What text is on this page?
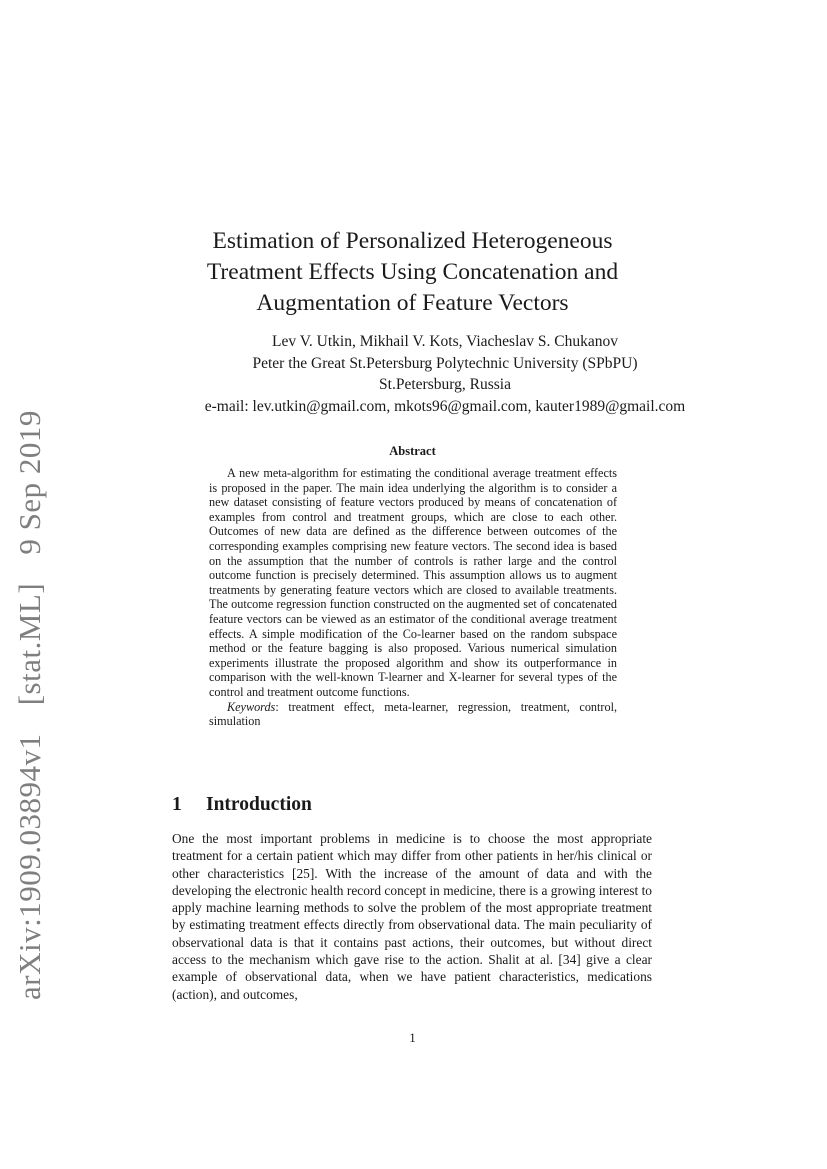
arXiv:1909.03894v1 [stat.ML] 9 Sep 2019
Estimation of Personalized Heterogeneous
Treatment Effects Using Concatenation and
Augmentation of Feature Vectors
Lev V. Utkin, Mikhail V. Kots, Viacheslav S. Chukanov
Peter the Great St.Petersburg Polytechnic University (SPbPU)
St.Petersburg, Russia
e-mail: lev.utkin@gmail.com, mkots96@gmail.com, kauter1989@gmail.com
Abstract

A new meta-algorithm for estimating the conditional average treatment effects is proposed in the paper. The main idea underlying the algorithm is to consider a new dataset consisting of feature vectors produced by means of concatenation of examples from control and treatment groups, which are close to each other. Outcomes of new data are defined as the difference between outcomes of the corresponding examples comprising new feature vectors. The second idea is based on the assumption that the number of controls is rather large and the control outcome function is precisely determined. This assumption allows us to augment treatments by generating feature vectors which are closed to available treatments. The outcome regression function constructed on the augmented set of concatenated feature vectors can be viewed as an estimator of the conditional average treatment effects. A simple modification of the Co-learner based on the random subspace method or the feature bagging is also proposed. Various numerical simulation experiments illustrate the proposed algorithm and show its outperformance in comparison with the well-known T-learner and X-learner for several types of the control and treatment outcome functions.

Keywords: treatment effect, meta-learner, regression, treatment, control, simulation

1 Introduction

One the most important problems in medicine is to choose the most appropriate treatment for a certain patient which may differ from other patients in her/his clinical or other characteristics [25]. With the increase of the amount of data and with the developing the electronic health record concept in medicine, there is a growing interest to apply machine learning methods to solve the problem of the most appropriate treatment by estimating treatment effects directly from observational data. The main peculiarity of observational data is that it contains past actions, their outcomes, but without direct access to the mechanism which gave rise to the action. Shalit at al. [34] give a clear example of observational data, when we have patient characteristics, medications (action), and outcomes,

1
